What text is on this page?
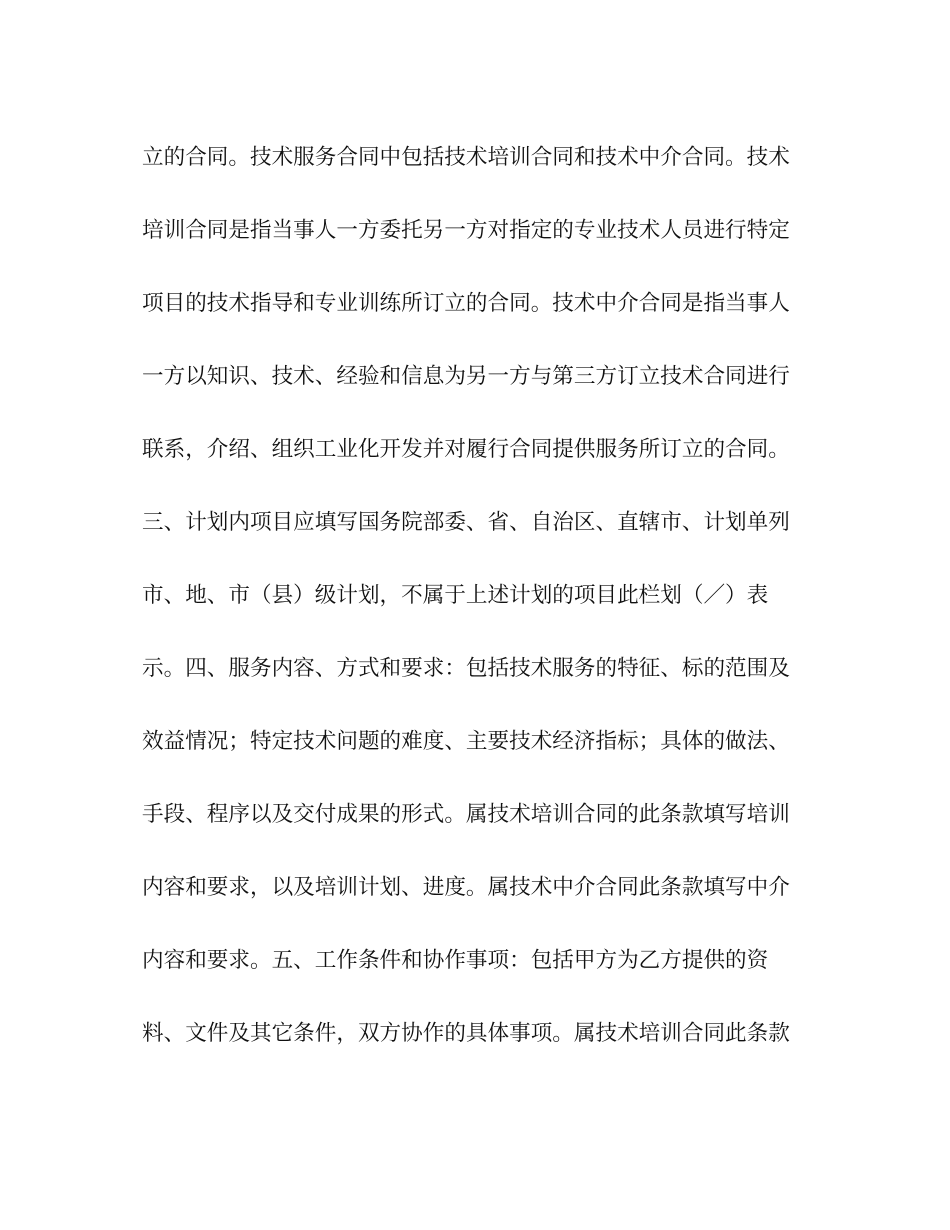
立的合同。技术服务合同中包括技术培训合同和技术中介合同。技术
培训合同是指当事人一方委托另一方对指定的专业技术人员进行特定
项目的技术指导和专业训练所订立的合同。技术中介合同是指当事人
一方以知识、技术、经验和信息为另一方与第三方订立技术合同进行
联系，介绍、组织工业化开发并对履行合同提供服务所订立的合同。
三、计划内项目应填写国务院部委、省、自治区、直辖市、计划单列
市、地、市（县）级计划，不属于上述计划的项目此栏划（／）表
示。四、服务内容、方式和要求：包括技术服务的特征、标的范围及
效益情况；特定技术问题的难度、主要技术经济指标；具体的做法、
手段、程序以及交付成果的形式。属技术培训合同的此条款填写培训
内容和要求，以及培训计划、进度。属技术中介合同此条款填写中介
内容和要求。五、工作条件和协作事项：包括甲方为乙方提供的资
料、文件及其它条件，双方协作的具体事项。属技术培训合同此条款
